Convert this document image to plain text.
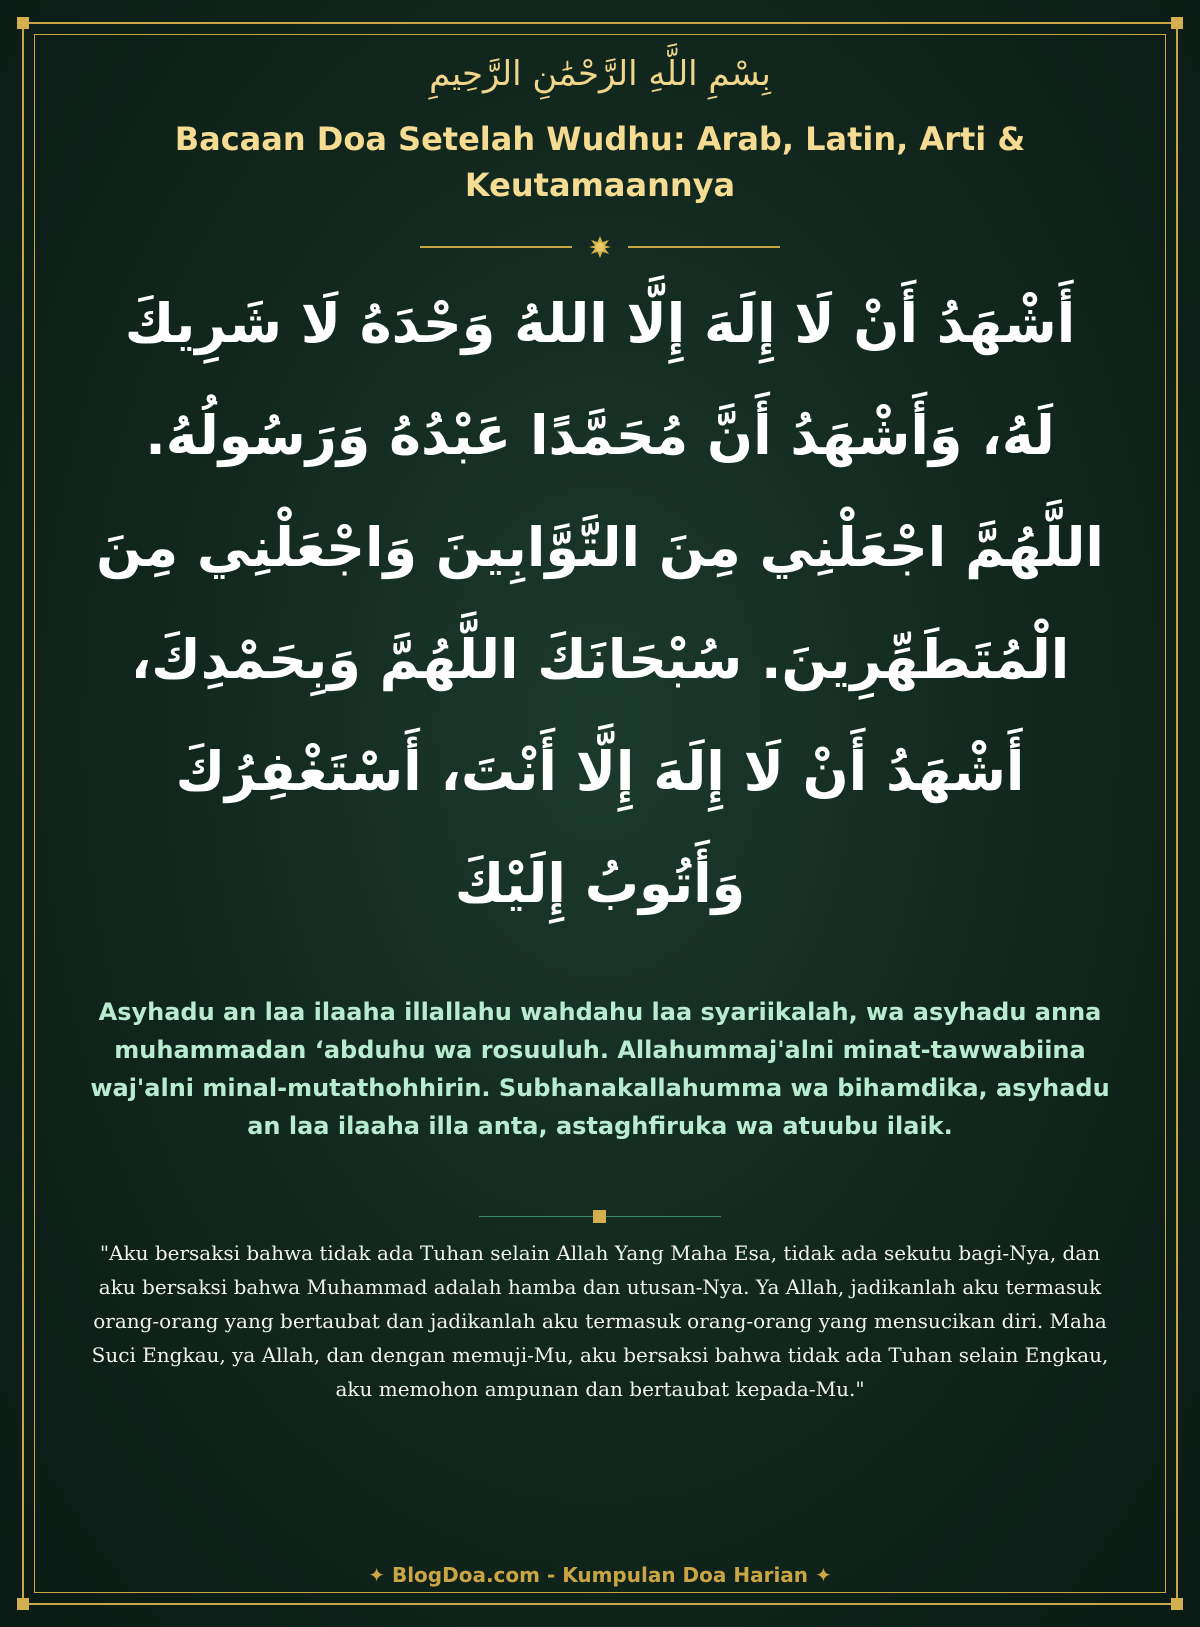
بِسْمِ اللَّهِ الرَّحْمَٰنِ الرَّحِيمِ
Bacaan Doa Setelah Wudhu: Arab, Latin, Arti & Keutamaannya
أَشْهَدُ أَنْ لَا إِلَهَ إِلَّا اللهُ وَحْدَهُ لَا شَرِيكَ لَهُ، وَأَشْهَدُ أَنَّ مُحَمَّدًا عَبْدُهُ وَرَسُولُهُ. اللَّهُمَّ اجْعَلْنِي مِنَ التَّوَّابِينَ وَاجْعَلْنِي مِنَ الْمُتَطَهِّرِينَ. سُبْحَانَكَ اللَّهُمَّ وَبِحَمْدِكَ، أَشْهَدُ أَنْ لَا إِلَهَ إِلَّا أَنْتَ، أَسْتَغْفِرُكَ وَأَتُوبُ إِلَيْكَ
Asyhadu an laa ilaaha illallahu wahdahu laa syariikalah, wa asyhadu anna muhammadan ‘abduhu wa rosuuluh. Allahummaj'alni minat-tawwabiina waj'alni minal-mutathohhirin. Subhanakallahumma wa bihamdika, asyhadu an laa ilaaha illa anta, astaghfiruka wa atuubu ilaik.
"Aku bersaksi bahwa tidak ada Tuhan selain Allah Yang Maha Esa, tidak ada sekutu bagi-Nya, dan aku bersaksi bahwa Muhammad adalah hamba dan utusan-Nya. Ya Allah, jadikanlah aku termasuk orang-orang yang bertaubat dan jadikanlah aku termasuk orang-orang yang mensucikan diri. Maha Suci Engkau, ya Allah, dan dengan memuji-Mu, aku bersaksi bahwa tidak ada Tuhan selain Engkau, aku memohon ampunan dan bertaubat kepada-Mu."
✦ BlogDoa.com - Kumpulan Doa Harian ✦
